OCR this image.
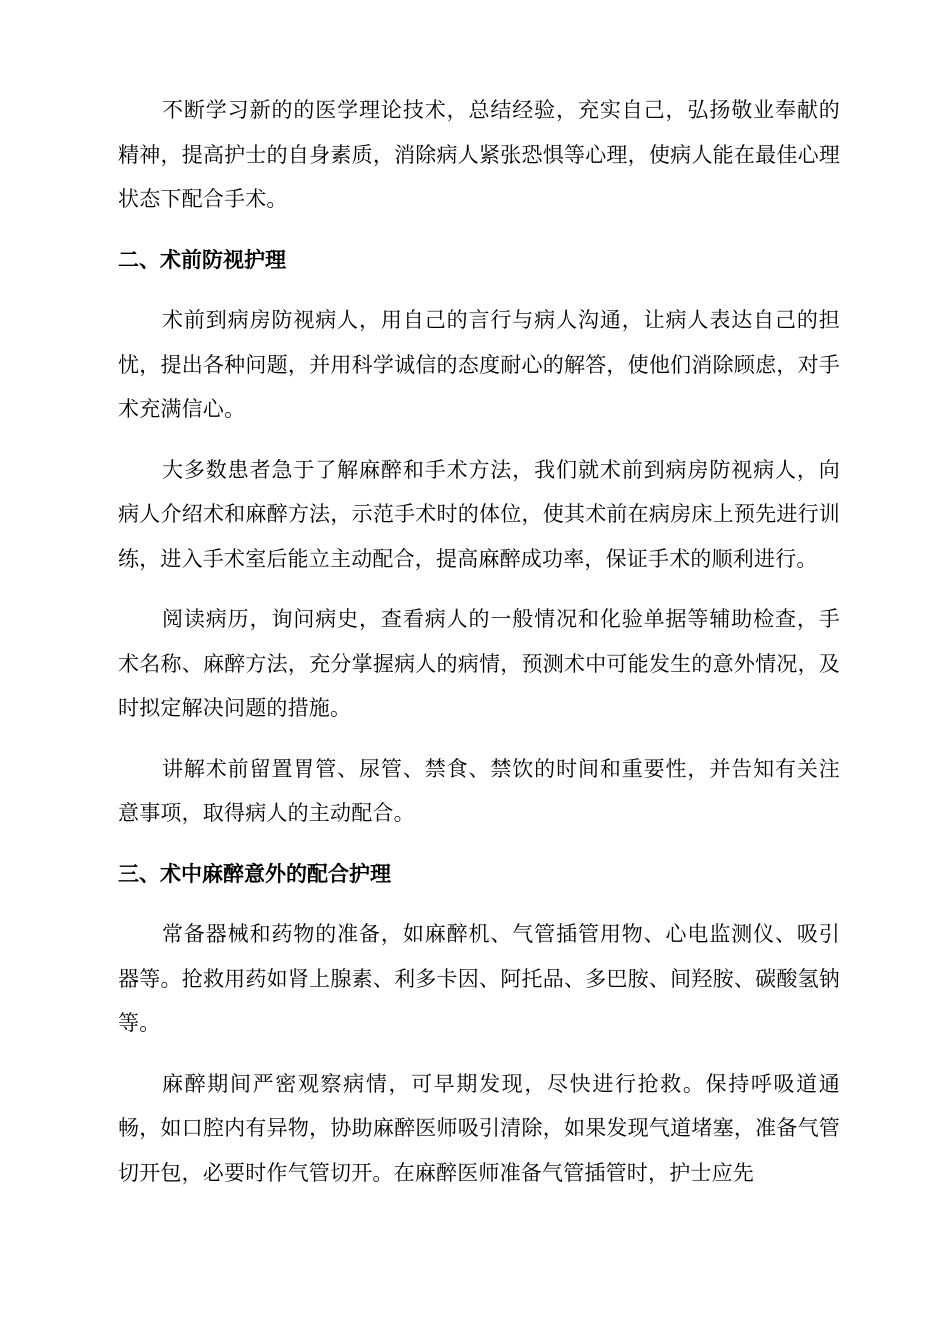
不断学习新的的医学理论技术，总结经验，充实自己，弘扬敬业奉献的精神，提高护士的自身素质，消除病人紧张恐惧等心理，使病人能在最佳心理状态下配合手术。

二、术前防视护理

术前到病房防视病人，用自己的言行与病人沟通，让病人表达自己的担忧，提出各种问题，并用科学诚信的态度耐心的解答，使他们消除顾虑，对手术充满信心。

大多数患者急于了解麻醉和手术方法，我们就术前到病房防视病人，向病人介绍术和麻醉方法，示范手术时的体位，使其术前在病房床上预先进行训练，进入手术室后能立主动配合，提高麻醉成功率，保证手术的顺利进行。

阅读病历，询问病史，查看病人的一般情况和化验单据等辅助检查，手术名称、麻醉方法，充分掌握病人的病情，预测术中可能发生的意外情况，及时拟定解决问题的措施。

讲解术前留置胃管、尿管、禁食、禁饮的时间和重要性，并告知有关注意事项，取得病人的主动配合。

三、术中麻醉意外的配合护理

常备器械和药物的准备，如麻醉机、气管插管用物、心电监测仪、吸引器等。抢救用药如肾上腺素、利多卡因、阿托品、多巴胺、间羟胺、碳酸氢钠等。

麻醉期间严密观察病情，可早期发现，尽快进行抢救。保持呼吸道通畅，如口腔内有异物，协助麻醉医师吸引清除，如果发现气道堵塞，准备气管切开包，必要时作气管切开。在麻醉医师准备气管插管时，护士应先
